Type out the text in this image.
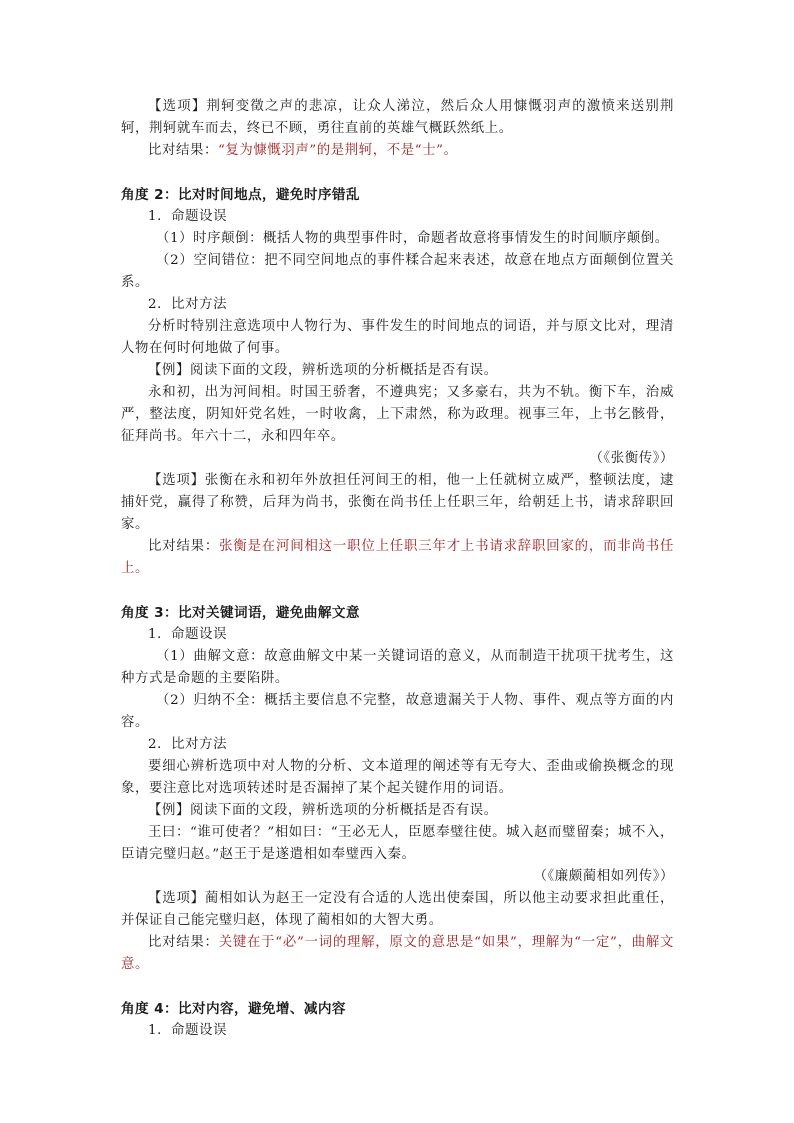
【选项】荆轲变徵之声的悲凉，让众人涕泣，然后众人用慷慨羽声的激愤来送别荆轲，荆轲就车而去，终已不顾，勇往直前的英雄气概跃然纸上。

比对结果：“复为慷慨羽声”的是荆轲，不是“士”。

角度 2：比对时间地点，避免时序错乱

1．命题设误

（1）时序颠倒：概括人物的典型事件时，命题者故意将事情发生的时间顺序颠倒。

（2）空间错位：把不同空间地点的事件糅合起来表述，故意在地点方面颠倒位置关系。

2．比对方法

分析时特别注意选项中人物行为、事件发生的时间地点的词语，并与原文比对，理清人物在何时何地做了何事。

【例】阅读下面的文段，辨析选项的分析概括是否有误。

永和初，出为河间相。时国王骄奢，不遵典宪；又多豪右，共为不轨。衡下车，治威严，整法度，阴知奸党名姓，一时收禽，上下肃然，称为政理。视事三年，上书乞骸骨，征拜尚书。年六十二，永和四年卒。

（《张衡传》）

【选项】张衡在永和初年外放担任河间王的相，他一上任就树立威严，整顿法度，逮捕奸党，赢得了称赞，后拜为尚书，张衡在尚书任上任职三年，给朝廷上书，请求辞职回家。

比对结果：张衡是在河间相这一职位上任职三年才上书请求辞职回家的，而非尚书任上。

角度 3：比对关键词语，避免曲解文意

1．命题设误

（1）曲解文意：故意曲解文中某一关键词语的意义，从而制造干扰项干扰考生，这种方式是命题的主要陷阱。

（2）归纳不全：概括主要信息不完整，故意遗漏关于人物、事件、观点等方面的内容。

2．比对方法

要细心辨析选项中对人物的分析、文本道理的阐述等有无夸大、歪曲或偷换概念的现象，要注意比对选项转述时是否漏掉了某个起关键作用的词语。

【例】阅读下面的文段，辨析选项的分析概括是否有误。

王曰：“谁可使者？”相如曰：“王必无人，臣愿奉璧往使。城入赵而璧留秦；城不入，臣请完璧归赵。”赵王于是遂遣相如奉璧西入秦。

（《廉颇蔺相如列传》）

【选项】蔺相如认为赵王一定没有合适的人选出使秦国，所以他主动要求担此重任，并保证自己能完璧归赵，体现了蔺相如的大智大勇。

比对结果：关键在于“必”一词的理解，原文的意思是“如果”，理解为“一定”，曲解文意。

角度 4：比对内容，避免增、减内容

1．命题设误
